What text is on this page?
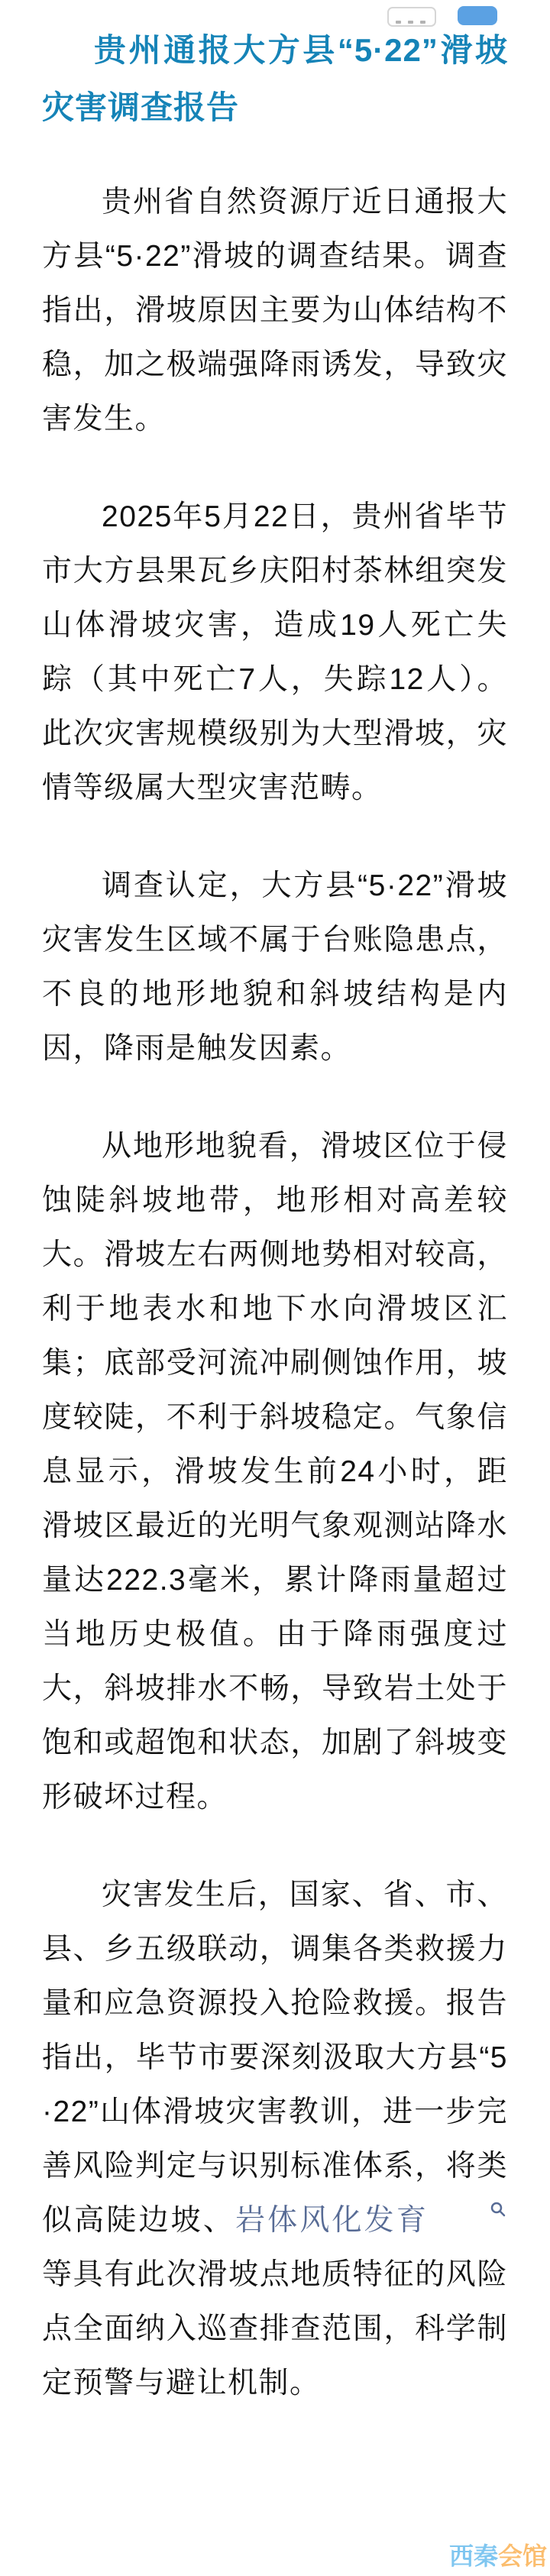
贵州通报大方县“5·22”滑坡灾害调查报告

贵州省自然资源厅近日通报大方县“5·22”滑坡的调查结果。调查指出，滑坡原因主要为山体结构不稳，加之极端强降雨诱发，导致灾害发生。

2025年5月22日，贵州省毕节市大方县果瓦乡庆阳村茶林组突发山体滑坡灾害，造成19人死亡失踪（其中死亡7人，失踪12人）。此次灾害规模级别为大型滑坡，灾情等级属大型灾害范畴。

调查认定，大方县“5·22”滑坡灾害发生区域不属于台账隐患点，不良的地形地貌和斜坡结构是内因，降雨是触发因素。

从地形地貌看，滑坡区位于侵蚀陡斜坡地带，地形相对高差较大。滑坡左右两侧地势相对较高，利于地表水和地下水向滑坡区汇集；底部受河流冲刷侧蚀作用，坡度较陡，不利于斜坡稳定。气象信息显示，滑坡发生前24小时，距滑坡区最近的光明气象观测站降水量达222.3毫米，累计降雨量超过当地历史极值。由于降雨强度过大，斜坡排水不畅，导致岩土处于饱和或超饱和状态，加剧了斜坡变形破坏过程。

灾害发生后，国家、省、市、县、乡五级联动，调集各类救援力量和应急资源投入抢险救援。报告指出，毕节市要深刻汲取大方县“5·22”山体滑坡灾害教训，进一步完善风险判定与识别标准体系，将类似高陡边坡、岩体风化发育等具有此次滑坡点地质特征的风险点全面纳入巡查排查范围，科学制定预警与避让机制。

西秦会馆
